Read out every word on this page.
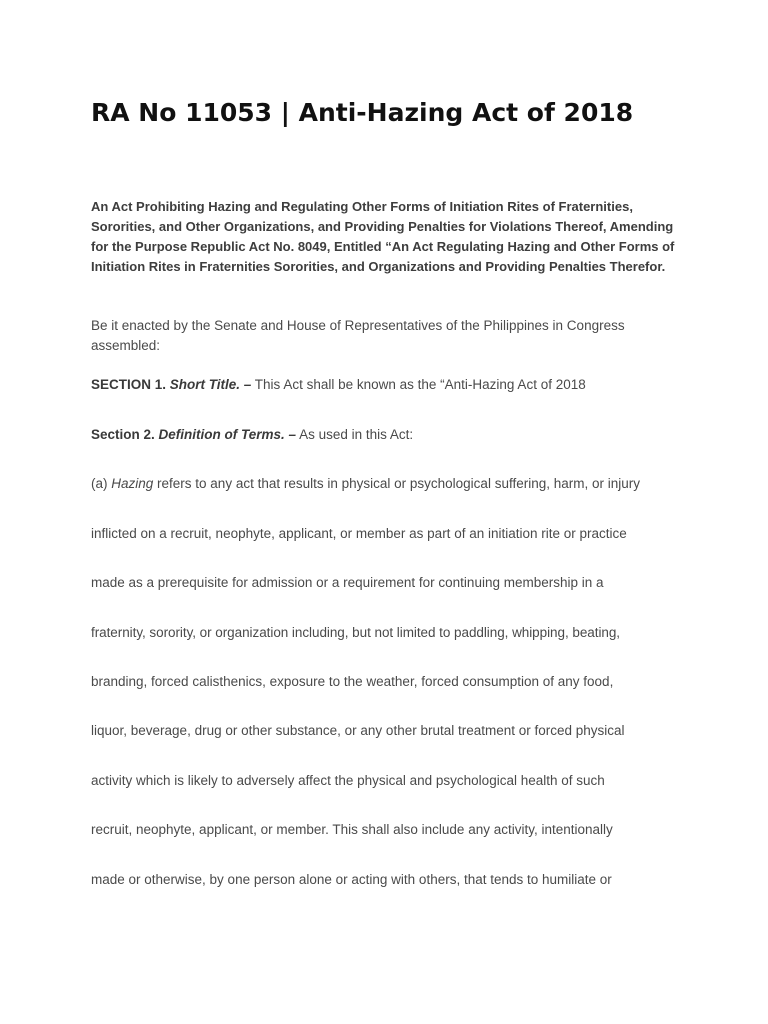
RA No 11053 | Anti-Hazing Act of 2018

An Act Prohibiting Hazing and Regulating Other Forms of Initiation Rites of Fraternities, Sororities, and Other Organizations, and Providing Penalties for Violations Thereof, Amending for the Purpose Republic Act No. 8049, Entitled “An Act Regulating Hazing and Other Forms of Initiation Rites in Fraternities Sororities, and Organizations and Providing Penalties Therefor.

Be it enacted by the Senate and House of Representatives of the Philippines in Congress assembled:

SECTION 1. Short Title. – This Act shall be known as the “Anti-Hazing Act of 2018

Section 2. Definition of Terms. – As used in this Act:

(a) Hazing refers to any act that results in physical or psychological suffering, harm, or injury

inflicted on a recruit, neophyte, applicant, or member as part of an initiation rite or practice

made as a prerequisite for admission or a requirement for continuing membership in a

fraternity, sorority, or organization including, but not limited to paddling, whipping, beating,

branding, forced calisthenics, exposure to the weather, forced consumption of any food,

liquor, beverage, drug or other substance, or any other brutal treatment or forced physical

activity which is likely to adversely affect the physical and psychological health of such

recruit, neophyte, applicant, or member. This shall also include any activity, intentionally

made or otherwise, by one person alone or acting with others, that tends to humiliate or
